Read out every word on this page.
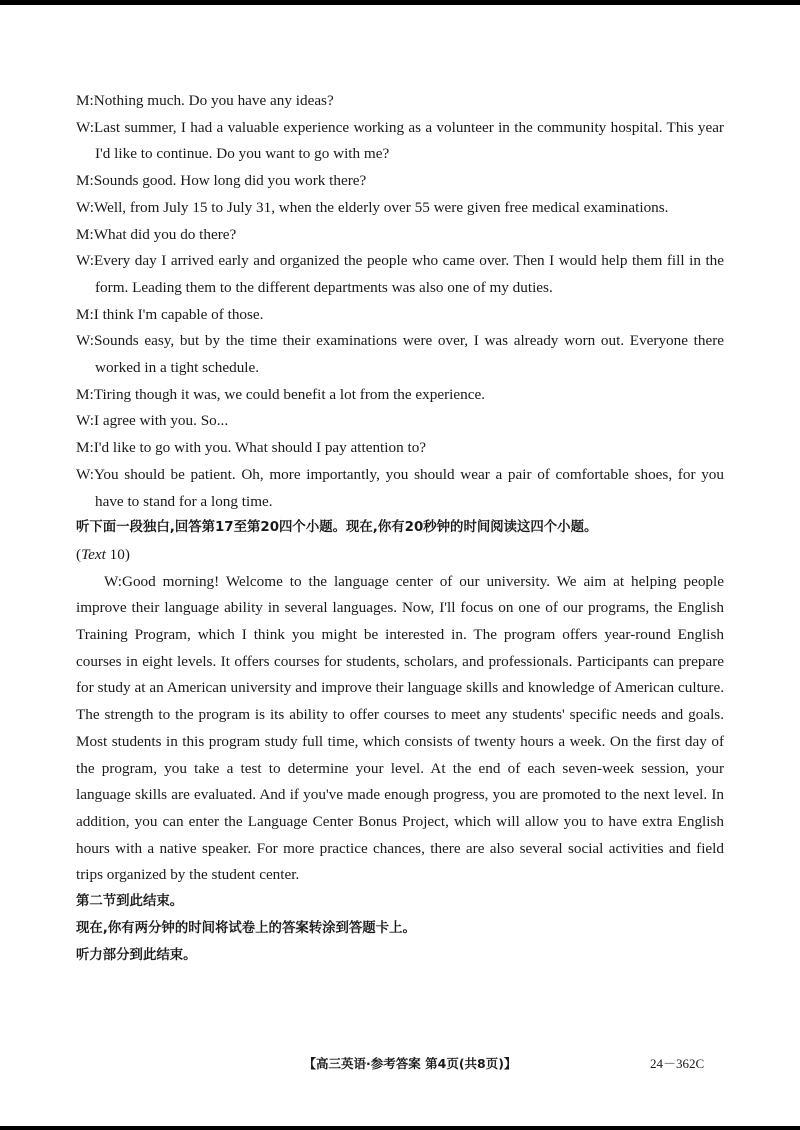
M:Nothing much. Do you have any ideas?
W:Last summer, I had a valuable experience working as a volunteer in the community hospital. This year I'd like to continue. Do you want to go with me?
M:Sounds good. How long did you work there?
W:Well, from July 15 to July 31, when the elderly over 55 were given free medical examinations.
M:What did you do there?
W:Every day I arrived early and organized the people who came over. Then I would help them fill in the form. Leading them to the different departments was also one of my duties.
M:I think I'm capable of those.
W:Sounds easy, but by the time their examinations were over, I was already worn out. Everyone there worked in a tight schedule.
M:Tiring though it was, we could benefit a lot from the experience.
W:I agree with you. So...
M:I'd like to go with you. What should I pay attention to?
W:You should be patient. Oh, more importantly, you should wear a pair of comfortable shoes, for you have to stand for a long time.
听下面一段独白,回答第17至第20四个小题。现在,你有20秒钟的时间阅读这四个小题。
(Text 10)
W:Good morning! Welcome to the language center of our university. We aim at helping people improve their language ability in several languages. Now, I'll focus on one of our programs, the English Training Program, which I think you might be interested in. The program offers year-round English courses in eight levels. It offers courses for students, scholars, and professionals. Participants can prepare for study at an American university and improve their language skills and knowledge of American culture. The strength to the program is its ability to offer courses to meet any students' specific needs and goals. Most students in this program study full time, which consists of twenty hours a week. On the first day of the program, you take a test to determine your level. At the end of each seven-week session, your language skills are evaluated. And if you've made enough progress, you are promoted to the next level. In addition, you can enter the Language Center Bonus Project, which will allow you to have extra English hours with a native speaker. For more practice chances, there are also several social activities and field trips organized by the student center.
第二节到此结束。
现在,你有两分钟的时间将试卷上的答案转涂到答题卡上。
听力部分到此结束。
【高三英语·参考答案 第4页(共8页)】	24－362C
